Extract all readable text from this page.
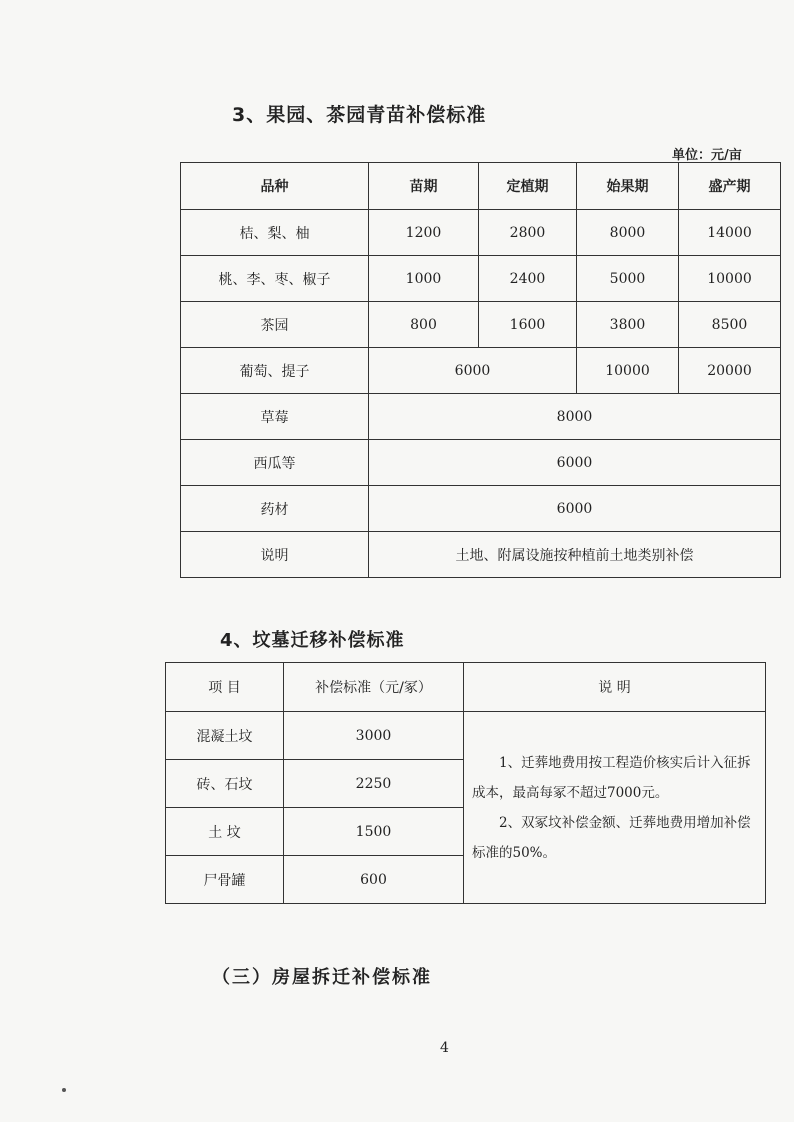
3、果园、茶园青苗补偿标准
单位：元/亩
品种	苗期	定植期	始果期	盛产期
桔、梨、柚	1200	2800	8000	14000
桃、李、枣、椒子	1000	2400	5000	10000
茶园	800	1600	3800	8500
葡萄、提子	6000		10000	20000
草莓	8000			
西瓜等	6000			
药材	6000			
说明	土地、附属设施按种植前土地类别补偿			
4、坟墓迁移补偿标准
项 目	补偿标准（元/冢）	说 明
混凝土坟	3000	1、迁葬地费用按工程造价核实后计入征拆成本，最高每冢不超过7000元。
2、双冢坟补偿金额、迁葬地费用增加补偿标准的50%。

砖、石坟	2250	
土 坟	1500	
尸骨罐	600	
（三）房屋拆迁补偿标准
4
